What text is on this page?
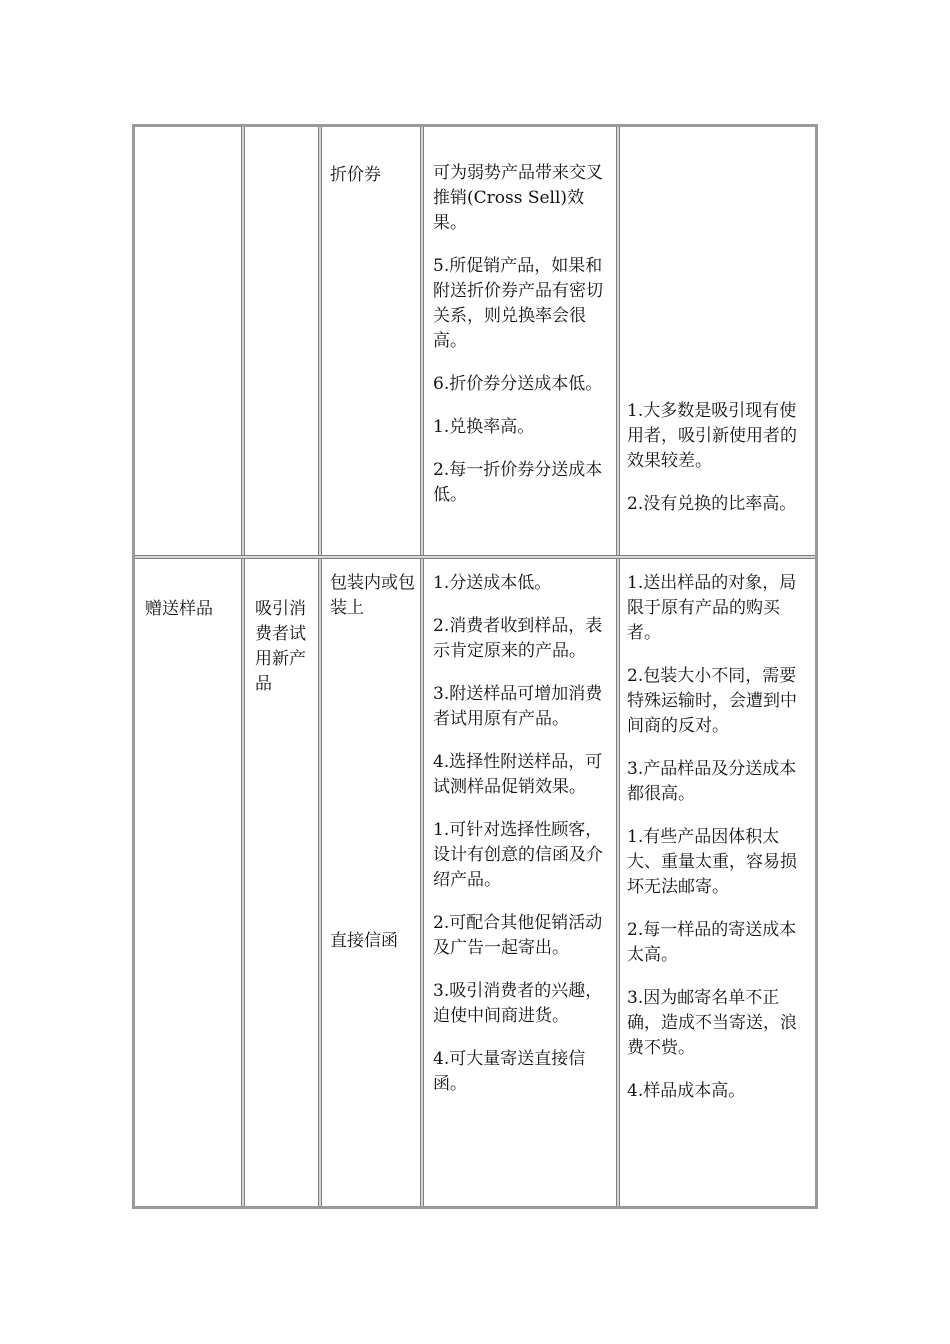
折价券	可为弱势产品带来交叉推销(Cross Sell)效果。

5.所促销产品，如果和附送折价券产品有密切关系，则兑换率会很高。

6.折价券分送成本低。

1.兑换率高。

2.每一折价券分送成本低。

1.大多数是吸引现有使用者，吸引新使用者的效果较差。

2.没有兑换的比率高。

赠送样品	吸引消费者试用新产品
包装内或包装上
直接信函

1.分送成本低。

2.消费者收到样品，表示肯定原来的产品。

3.附送样品可增加消费者试用原有产品。

4.选择性附送样品，可试测样品促销效果。

1.可针对选择性顾客，设计有创意的信函及介绍产品。

2.可配合其他促销活动及广告一起寄出。

3.吸引消费者的兴趣，迫使中间商进货。

4.可大量寄送直接信函。

1.送出样品的对象，局限于原有产品的购买者。

2.包装大小不同，需要特殊运输时，会遭到中间商的反对。

3.产品样品及分送成本都很高。

1.有些产品因体积太大、重量太重，容易损坏无法邮寄。

2.每一样品的寄送成本太高。

3.因为邮寄名单不正确，造成不当寄送，浪费不赀。

4.样品成本高。
